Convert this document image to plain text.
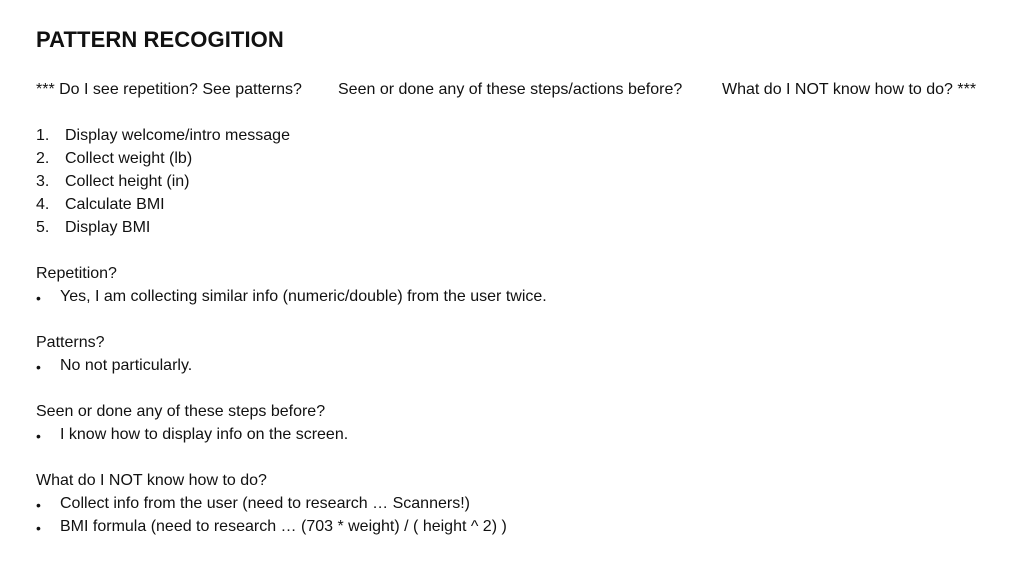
PATTERN RECOGITION
*** Do I see repetition? See patterns? Seen or done any of these steps/actions before? What do I NOT know how to do? ***
1. Display welcome/intro message
2. Collect weight (lb)
3. Collect height (in)
4. Calculate BMI
5. Display BMI
Repetition?
• Yes, I am collecting similar info (numeric/double) from the user twice.
Patterns?
• No not particularly.
Seen or done any of these steps before?
• I know how to display info on the screen.
What do I NOT know how to do?
• Collect info from the user (need to research … Scanners!)
• BMI formula (need to research … (703 * weight) / ( height ^ 2) )
